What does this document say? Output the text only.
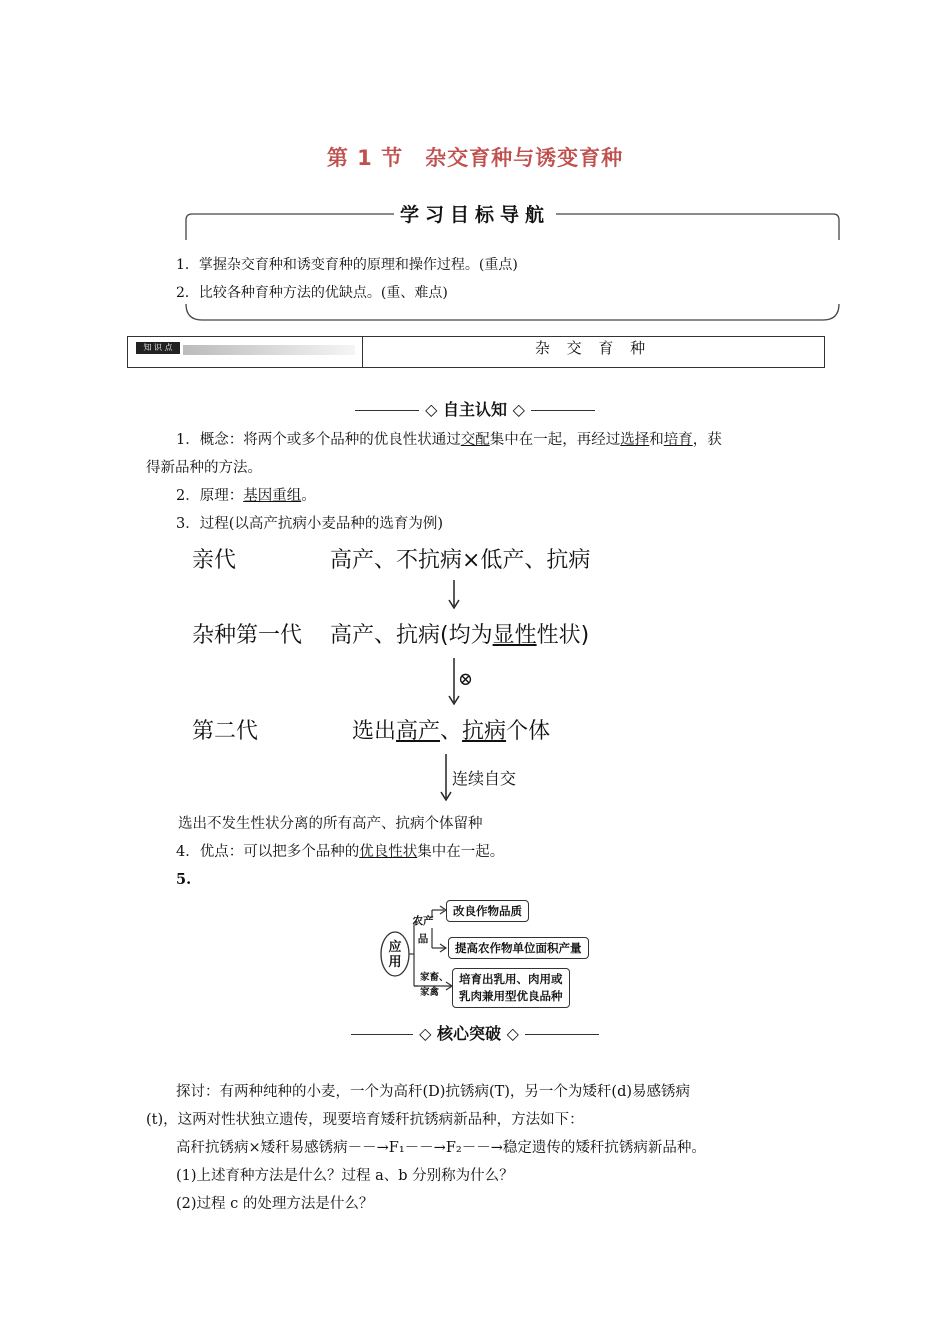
第 1 节　杂交育种与诱变育种
学习目标导航
1．掌握杂交育种和诱变育种的原理和操作过程。(重点)
2．比较各种育种方法的优缺点。(重、难点)
知 识 点	杂 交 育 种
◇ 自主认知 ◇
1．概念：将两个或多个品种的优良性状通过交配集中在一起，再经过选择和培育，获
得新品种的方法。
2．原理：基因重组。
3．过程(以高产抗病小麦品种的选育为例)
亲代	高产、不抗病×低产、抗病
杂种第一代 高产、抗病(均为显性性状)
⊗
第二代	选出高产、抗病个体
连续自交
选出不发生性状分离的所有高产、抗病个体留种
4．优点：可以把多个品种的优良性状集中在一起。
5.
应用
农产品
家畜、家禽
改良作物品质
提高农作物单位面积产量
培育出乳用、肉用或
乳肉兼用型优良品种
◇ 核心突破 ◇
探讨：有两种纯种的小麦，一个为高秆(D)抗锈病(T)，另一个为矮秆(d)易感锈病
(t)，这两对性状独立遗传，现要培育矮秆抗锈病新品种，方法如下：
高秆抗锈病×矮秆易感锈病－－→F₁－－→F₂－－→稳定遗传的矮秆抗锈病新品种。
(1)上述育种方法是什么？过程 a、b 分别称为什么？
(2)过程 c 的处理方法是什么？
